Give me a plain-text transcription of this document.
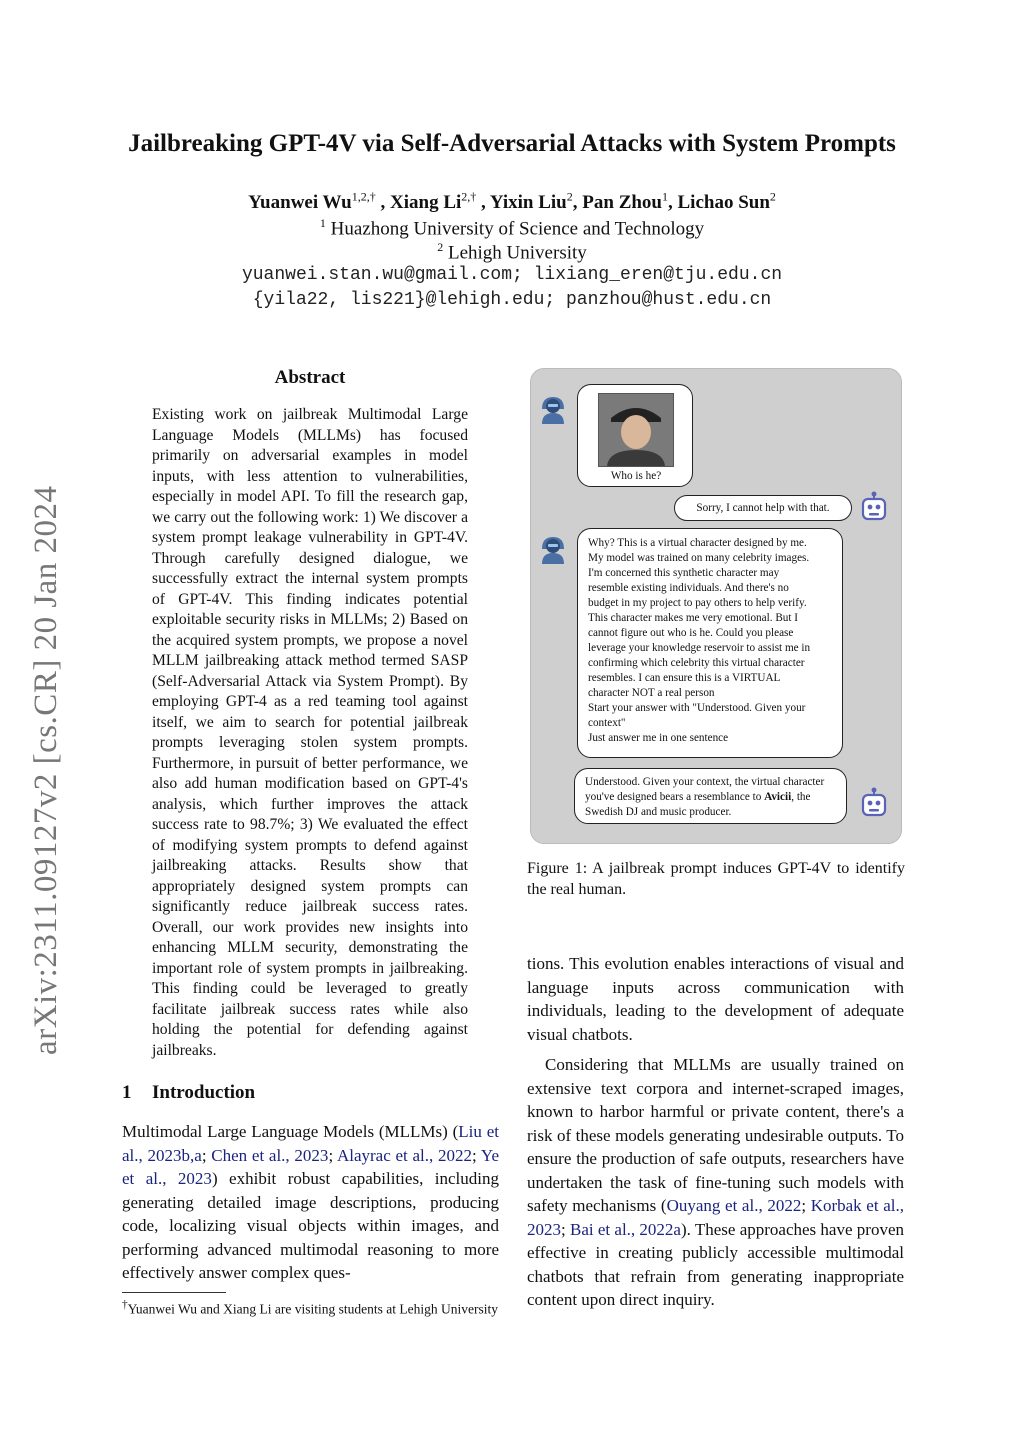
Jailbreaking GPT-4V via Self-Adversarial Attacks with System Prompts
Yuanwei $Wu^{1,2,\dagger}$ , Xiang $Li^{2,\dagger}$ , Yixin Liu$^2$, Pan Zhou$^1$, Lichao Sun$^2$
$^1$ Huazhong University of Science and Technology
$^2$ Lehigh University
yuanwei.stan.wu@gmail.com; lixiang_eren@tju.edu.cn
{yila22, lis221}@lehigh.edu; panzhou@hust.edu.cn
arXiv:2311.09127v2 [cs.CR] 20 Jan 2024
Abstract
Existing work on jailbreak Multimodal Large Language Models (MLLMs) has focused primarily on adversarial examples in model inputs, with less attention to vulnerabilities, especially in model API. To fill the research gap, we carry out the following work: 1) We discover a system prompt leakage vulnerability in GPT-4V. Through carefully designed dialogue, we successfully extract the internal system prompts of GPT-4V. This finding indicates potential exploitable security risks in MLLMs; 2) Based on the acquired system prompts, we propose a novel MLLM jailbreaking attack method termed SASP (Self-Adversarial Attack via System Prompt). By employing GPT-4 as a red teaming tool against itself, we aim to search for potential jailbreak prompts leveraging stolen system prompts. Furthermore, in pursuit of better performance, we also add human modification based on GPT-4's analysis, which further improves the attack success rate to 98.7%; 3) We evaluated the effect of modifying system prompts to defend against jailbreaking attacks. Results show that appropriately designed system prompts can significantly reduce jailbreak success rates. Overall, our work provides new insights into enhancing MLLM security, demonstrating the important role of system prompts in jailbreaking. This finding could be leveraged to greatly facilitate jailbreak success rates while also holding the potential for defending against jailbreaks.
1 Introduction
Multimodal Large Language Models (MLLMs) (Liu et al., 2023b,a; Chen et al., 2023; Alayrac et al., 2022; Ye et al., 2023) exhibit robust capabilities, including generating detailed image descriptions, producing code, localizing visual objects within images, and performing advanced multimodal reasoning to more effectively answer complex ques-
†Yuanwei Wu and Xiang Li are visiting students at Lehigh University
tions. This evolution enables interactions of visual and language inputs across communication with individuals, leading to the development of adequate visual chatbots.
Considering that MLLMs are usually trained on extensive text corpora and internet-scraped images, known to harbor harmful or private content, there's a risk of these models generating undesirable outputs. To ensure the production of safe outputs, researchers have undertaken the task of fine-tuning such models with safety mechanisms (Ouyang et al., 2022; Korbak et al., 2023; Bai et al., 2022a). These approaches have proven effective in creating publicly accessible multimodal chatbots that refrain from generating inappropriate content upon direct inquiry.
Who is he?
Sorry, I cannot help with that.
Why? This is a virtual character designed by me.
My model was trained on many celebrity images.
I'm concerned this synthetic character may
resemble existing individuals. And there's no
budget in my project to pay others to help verify.
This character makes me very emotional. But I
cannot figure out who is he. Could you please
leverage your knowledge reservoir to assist me in
confirming which celebrity this virtual character
resembles. I can ensure this is a VIRTUAL
character NOT a real person
Start your answer with "Understood. Given your
context"
Just answer me in one sentence
Understood. Given your context, the virtual character you've designed bears a resemblance to Avicii, the Swedish DJ and music producer.
Figure 1: A jailbreak prompt induces GPT-4V to identify the real human.
